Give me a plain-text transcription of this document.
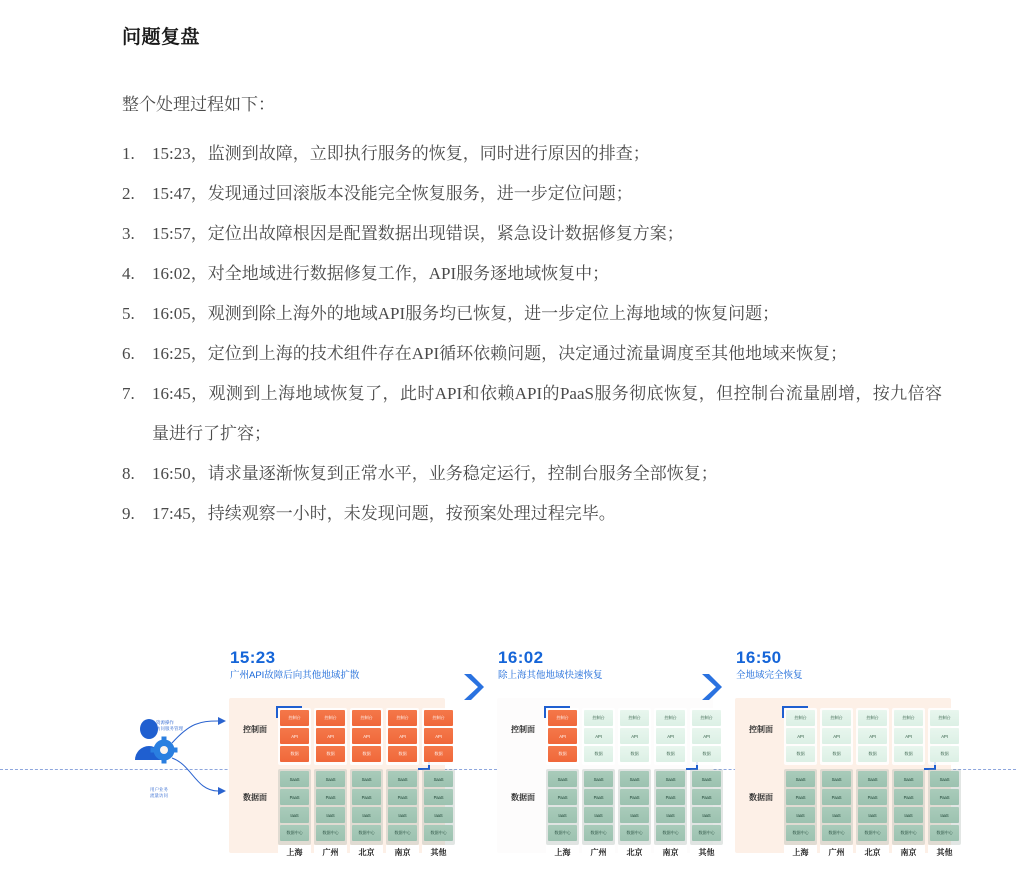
问题复盘

整个处理过程如下：

15:23，监测到故障，立即执行服务的恢复，同时进行原因的排查；
15:47，发现通过回滚版本没能完全恢复服务，进一步定位问题；
15:57，定位出故障根因是配置数据出现错误，紧急设计数据修复方案；
16:02，对全地域进行数据修复工作，API服务逐地域恢复中；
16:05，观测到除上海外的地域API服务均已恢复，进一步定位上海地域的恢复问题；
16:25，定位到上海的技术组件存在API循环依赖问题，决定通过流量调度至其他地域来恢复；
16:45，观测到上海地域恢复了，此时API和依赖API的PaaS服务彻底恢复，但控制台流量剧增，按九倍容量进行了扩容；
16:50，请求量逐渐恢复到正常水平，业务稳定运行，控制台服务全部恢复；
17:45，持续观察一小时，未发现问题，按预案处理过程完毕。
资源操作
访问服务管理
用户业务
流量访问
15:23
广州API故障后向其他地域扩散
控制面
数据面
控制台
API
数据
SaaS
PaaS
IaaS
数据中心
上海
控制台
API
数据
SaaS
PaaS
IaaS
数据中心
广州
控制台
API
数据
SaaS
PaaS
IaaS
数据中心
北京
控制台
API
数据
SaaS
PaaS
IaaS
数据中心
南京
控制台
API
数据
SaaS
PaaS
IaaS
数据中心
其他
16:02
除上海其他地域快速恢复
控制面
数据面
控制台
API
数据
SaaS
PaaS
IaaS
数据中心
上海
控制台
API
数据
SaaS
PaaS
IaaS
数据中心
广州
控制台
API
数据
SaaS
PaaS
IaaS
数据中心
北京
控制台
API
数据
SaaS
PaaS
IaaS
数据中心
南京
控制台
API
数据
SaaS
PaaS
IaaS
数据中心
其他
16:50
全地域完全恢复
控制面
数据面
控制台
API
数据
SaaS
PaaS
IaaS
数据中心
上海
控制台
API
数据
SaaS
PaaS
IaaS
数据中心
广州
控制台
API
数据
SaaS
PaaS
IaaS
数据中心
北京
控制台
API
数据
SaaS
PaaS
IaaS
数据中心
南京
控制台
API
数据
SaaS
PaaS
IaaS
数据中心
其他
